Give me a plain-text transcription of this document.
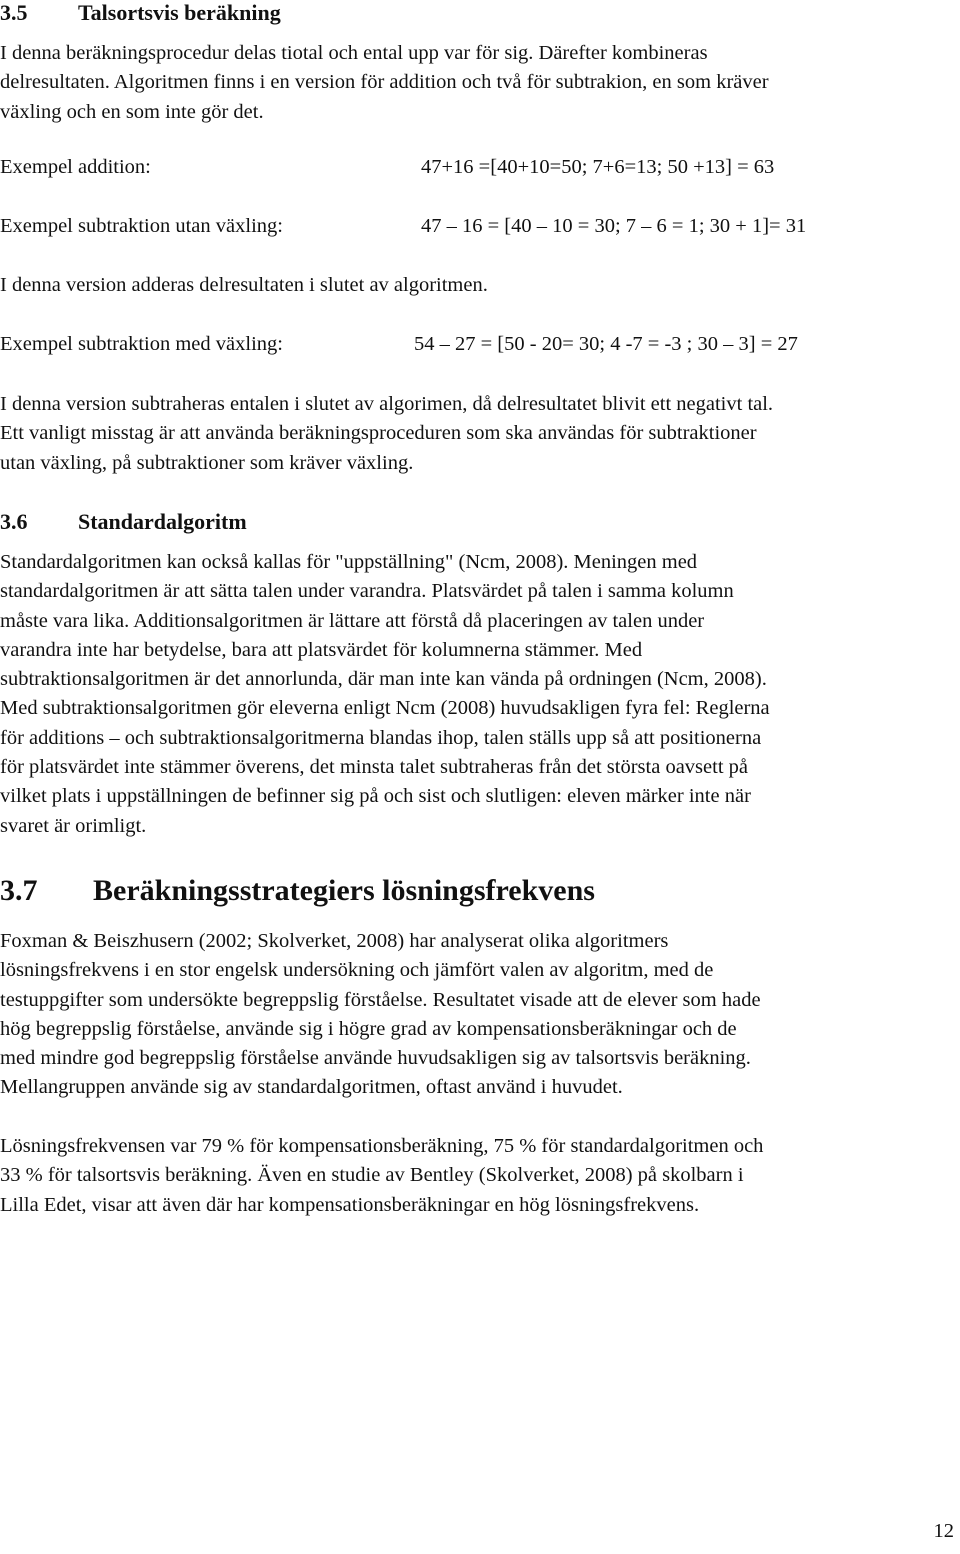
3.5 Talsortsvis beräkning
I denna beräkningsprocedur delas tiotal och ental upp var för sig. Därefter kombineras
delresultaten. Algoritmen finns i en version för addition och två för subtrakion, en som kräver
växling och en som inte gör det.
Exempel addition:	47+16 =[40+10=50; 7+6=13; 50 +13] = 63
Exempel subtraktion utan växling:	47 – 16 = [40 – 10 = 30; 7 – 6 = 1; 30 + 1]= 31
I denna version adderas delresultaten i slutet av algoritmen.
Exempel subtraktion med växling:	54 – 27 = [50 - 20= 30; 4 -7 = -3 ; 30 – 3] = 27
I denna version subtraheras entalen i slutet av algorimen, då delresultatet blivit ett negativt tal.
Ett vanligt misstag är att använda beräkningsproceduren som ska användas för subtraktioner
utan växling, på subtraktioner som kräver växling.
3.6 Standardalgoritm
Standardalgoritmen kan också kallas för "uppställning" (Ncm, 2008). Meningen med
standardalgoritmen är att sätta talen under varandra. Platsvärdet på talen i samma kolumn
måste vara lika. Additionsalgoritmen är lättare att förstå då placeringen av talen under
varandra inte har betydelse, bara att platsvärdet för kolumnerna stämmer. Med
subtraktionsalgoritmen är det annorlunda, där man inte kan vända på ordningen (Ncm, 2008).
Med subtraktionsalgoritmen gör eleverna enligt Ncm (2008) huvudsakligen fyra fel: Reglerna
för additions – och subtraktionsalgoritmerna blandas ihop, talen ställs upp så att positionerna
för platsvärdet inte stämmer överens, det minsta talet subtraheras från det största oavsett på
vilket plats i uppställningen de befinner sig på och sist och slutligen: eleven märker inte när
svaret är orimligt.
3.7 Beräkningsstrategiers lösningsfrekvens
Foxman & Beiszhusern (2002; Skolverket, 2008) har analyserat olika algoritmers
lösningsfrekvens i en stor engelsk undersökning och jämfört valen av algoritm, med de
testuppgifter som undersökte begreppslig förståelse. Resultatet visade att de elever som hade
hög begreppslig förståelse, använde sig i högre grad av kompensationsberäkningar och de
med mindre god begreppslig förståelse använde huvudsakligen sig av talsortsvis beräkning.
Mellangruppen använde sig av standardalgoritmen, oftast använd i huvudet.
Lösningsfrekvensen var 79 % för kompensationsberäkning, 75 % för standardalgoritmen och
33 % för talsortsvis beräkning. Även en studie av Bentley (Skolverket, 2008) på skolbarn i
Lilla Edet, visar att även där har kompensationsberäkningar en hög lösningsfrekvens.
12
